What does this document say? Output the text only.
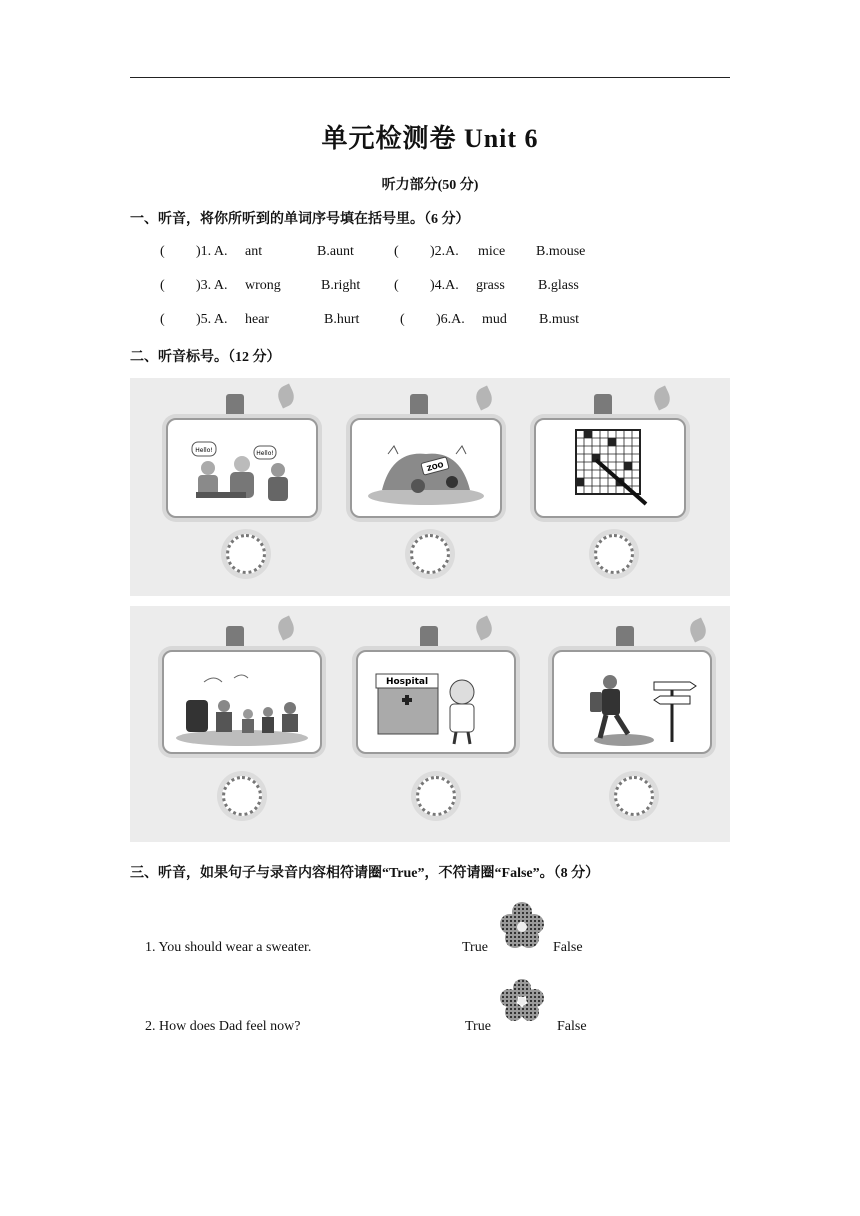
单元检测卷 Unit 6
听力部分(50 分)
一、听音，将你所听到的单词序号填在括号里。（6 分）
( )1. A. ant	B.aunt	( )2.A. mice B.mouse
( )3. A. wrong	B.right ( )4.A. grass B.glass
( )5. A. hear	B.hurt	( )6.A. mud B.must
二、听音标号。（12 分）
Hello!	Hello!
ZOO
Hospital
三、听音，如果句子与录音内容相符请圈“True”，不符请圈“False”。（8 分）
1. You should wear a sweater.	True	False
2. How does Dad feel now?	True	False
